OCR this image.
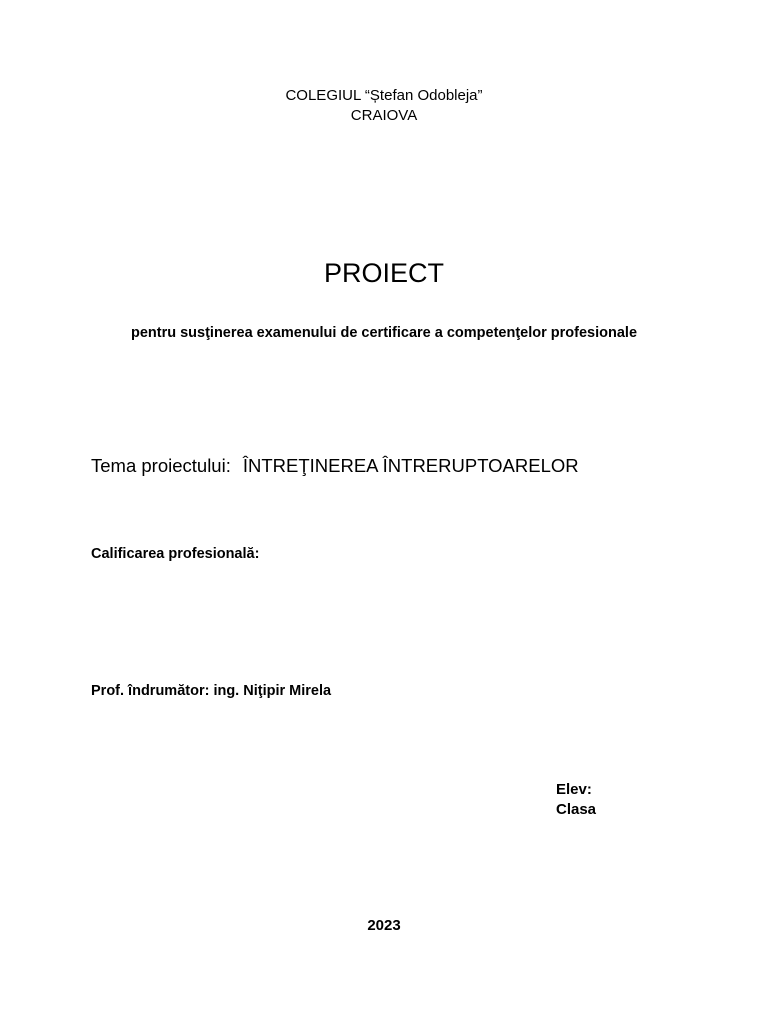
COLEGIUL “Ștefan Odobleja”
CRAIOVA
PROIECT
pentru susţinerea examenului de certificare a competenţelor profesionale
Tema proiectului: ÎNTREŢINEREA ÎNTRERUPTOARELOR
Calificarea profesională:
Prof. îndrumător: ing. Niţipir Mirela
Elev:
Clasa
2023
